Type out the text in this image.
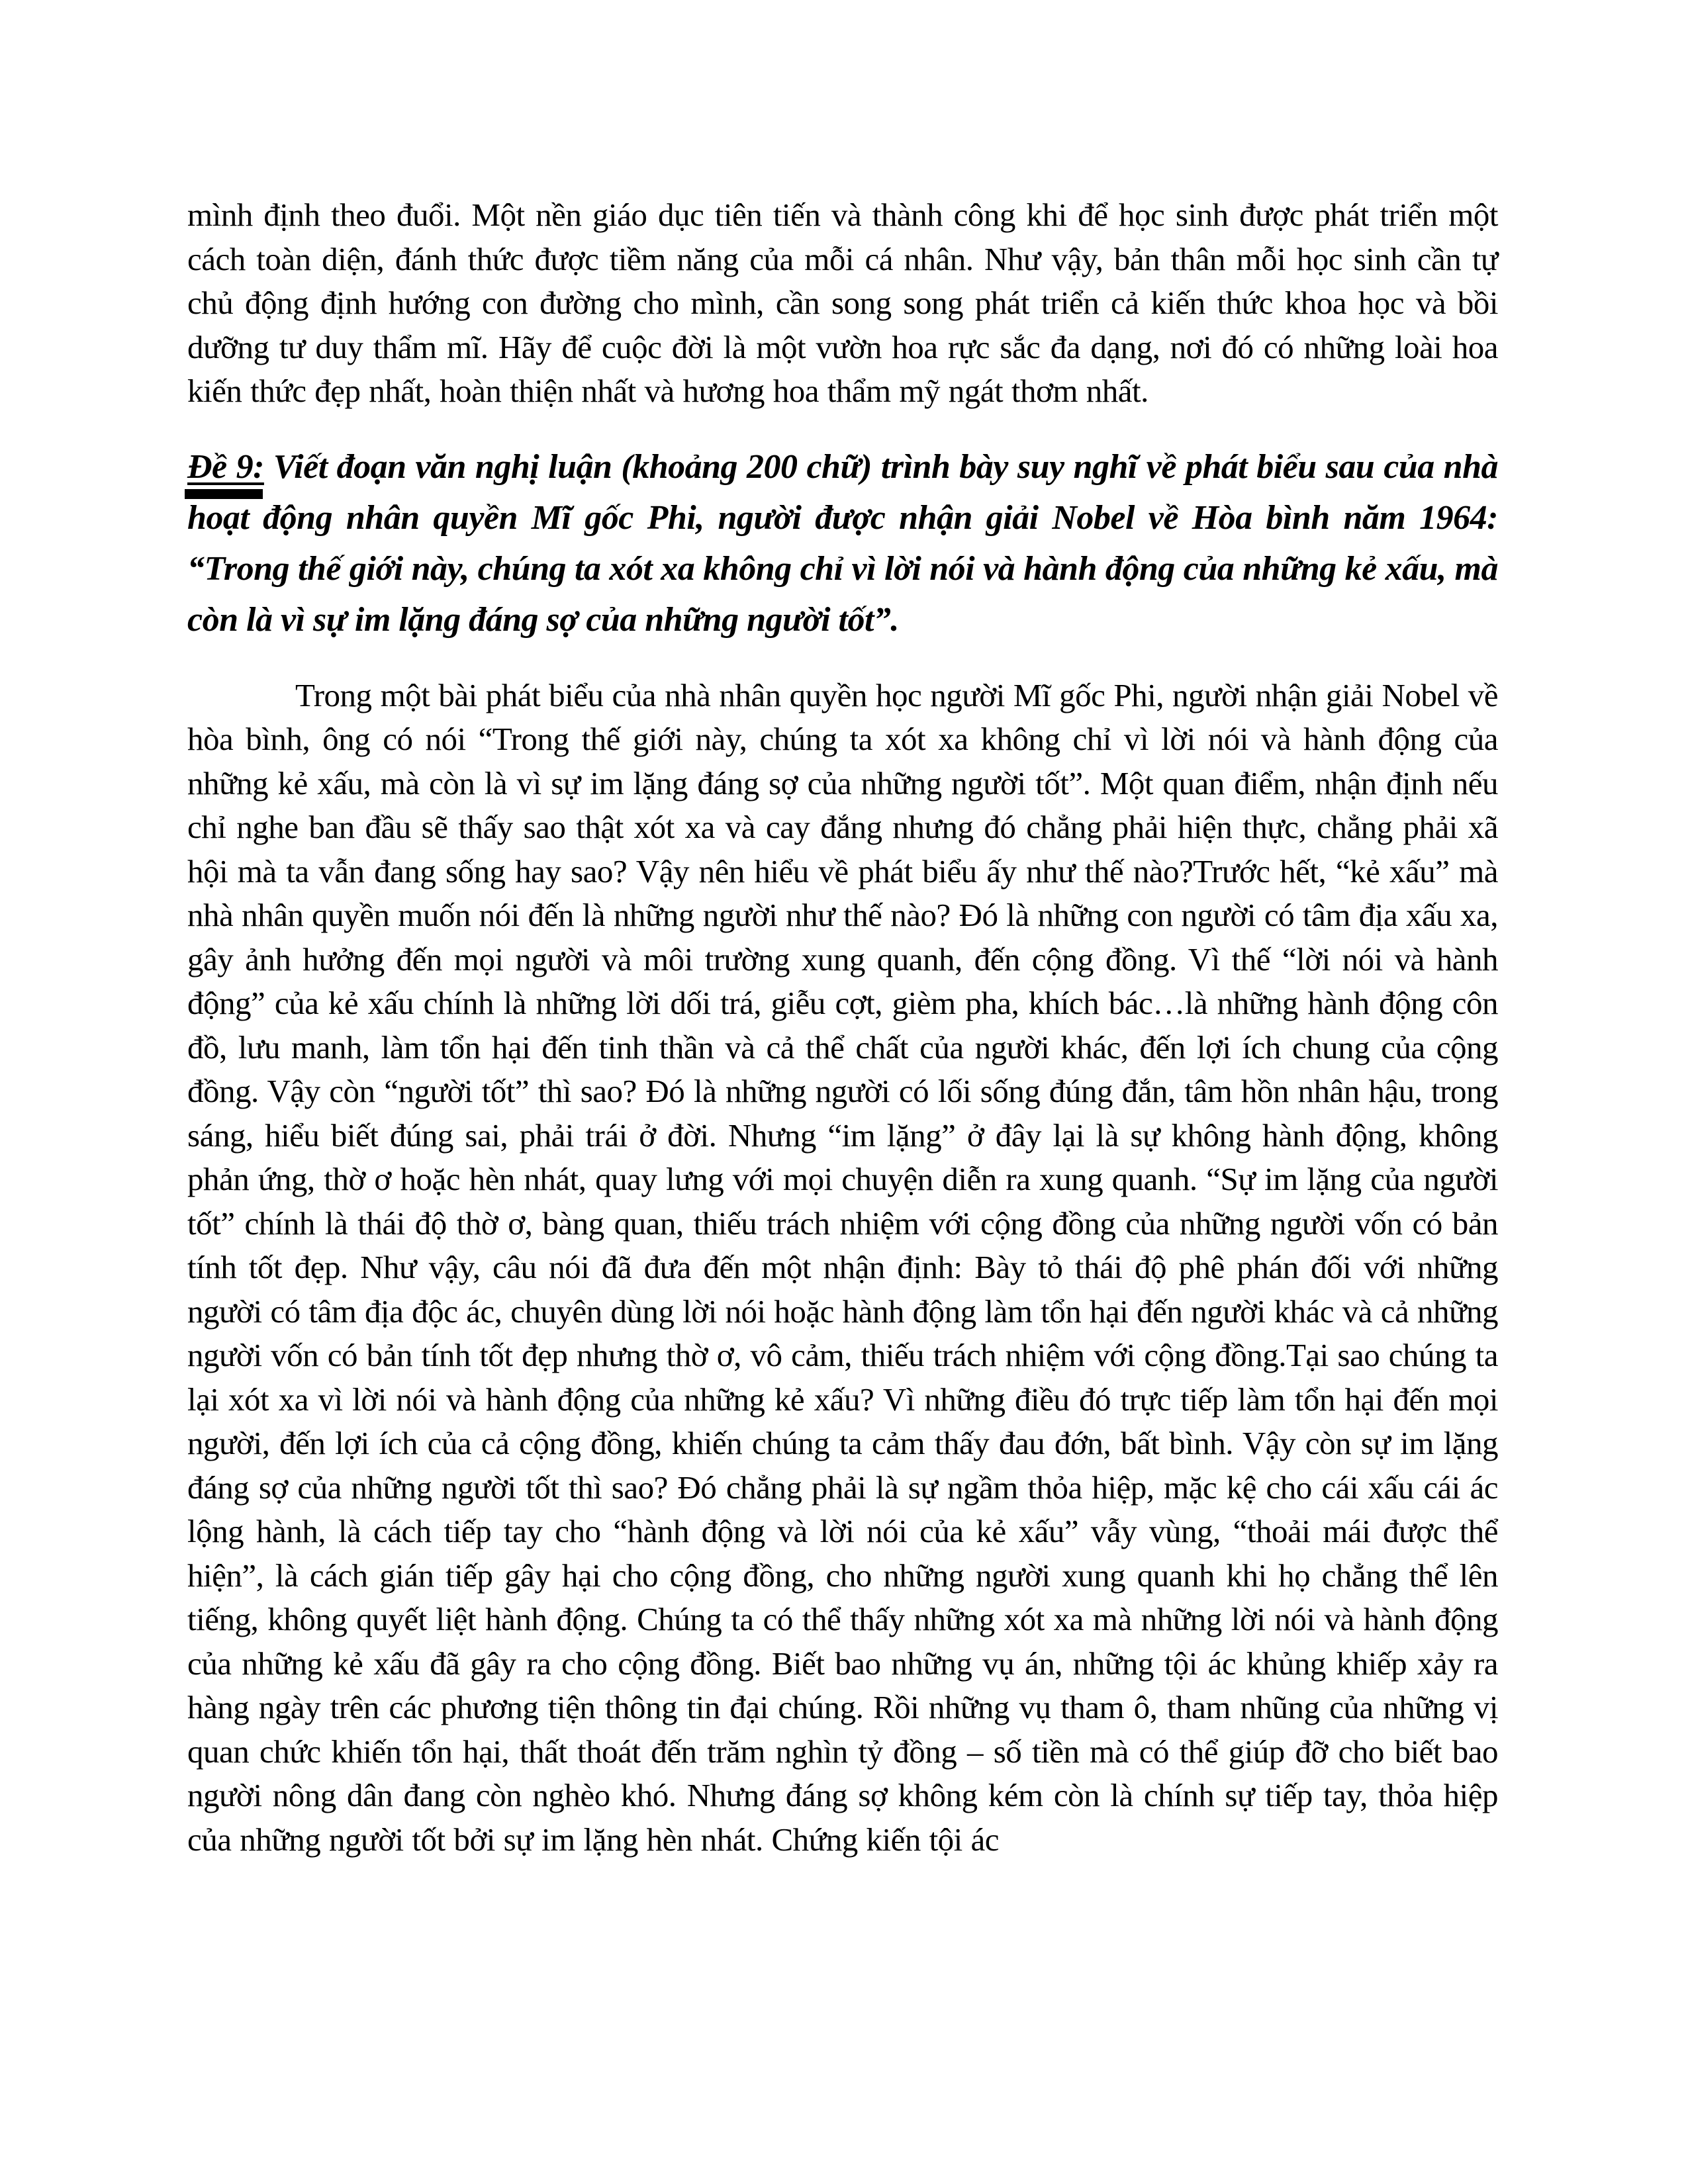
mình định theo đuổi. Một nền giáo dục tiên tiến và thành công khi để học sinh được phát triển một cách toàn diện, đánh thức được tiềm năng của mỗi cá nhân. Như vậy, bản thân mỗi học sinh cần tự chủ động định hướng con đường cho mình, cần song song phát triển cả kiến thức khoa học và bồi dưỡng tư duy thẩm mĩ. Hãy để cuộc đời là một vườn hoa rực sắc đa dạng, nơi đó có những loài hoa kiến thức đẹp nhất, hoàn thiện nhất và hương hoa thẩm mỹ ngát thơm nhất.

Đề 9: Viết đoạn văn nghị luận (khoảng 200 chữ) trình bày suy nghĩ về phát biểu sau của nhà hoạt động nhân quyền Mĩ gốc Phi, người được nhận giải Nobel về Hòa bình năm 1964: “Trong thế giới này, chúng ta xót xa không chỉ vì lời nói và hành động của những kẻ xấu, mà còn là vì sự im lặng đáng sợ của những người tốt”.

Trong một bài phát biểu của nhà nhân quyền học người Mĩ gốc Phi, người nhận giải Nobel về hòa bình, ông có nói “Trong thế giới này, chúng ta xót xa không chỉ vì lời nói và hành động của những kẻ xấu, mà còn là vì sự im lặng đáng sợ của những người tốt”. Một quan điểm, nhận định nếu chỉ nghe ban đầu sẽ thấy sao thật xót xa và cay đắng nhưng đó chẳng phải hiện thực, chẳng phải xã hội mà ta vẫn đang sống hay sao? Vậy nên hiểu về phát biểu ấy như thế nào?Trước hết, “kẻ xấu” mà nhà nhân quyền muốn nói đến là những người như thế nào? Đó là những con người có tâm địa xấu xa, gây ảnh hưởng đến mọi người và môi trường xung quanh, đến cộng đồng. Vì thế “lời nói và hành động” của kẻ xấu chính là những lời dối trá, giễu cợt, gièm pha, khích bác…là những hành động côn đồ, lưu manh, làm tổn hại đến tinh thần và cả thể chất của người khác, đến lợi ích chung của cộng đồng. Vậy còn “người tốt” thì sao? Đó là những người có lối sống đúng đắn, tâm hồn nhân hậu, trong sáng, hiểu biết đúng sai, phải trái ở đời. Nhưng “im lặng” ở đây lại là sự không hành động, không phản ứng, thờ ơ hoặc hèn nhát, quay lưng với mọi chuyện diễn ra xung quanh. “Sự im lặng của người tốt” chính là thái độ thờ ơ, bàng quan, thiếu trách nhiệm với cộng đồng của những người vốn có bản tính tốt đẹp. Như vậy, câu nói đã đưa đến một nhận định: Bày tỏ thái độ phê phán đối với những người có tâm địa độc ác, chuyên dùng lời nói hoặc hành động làm tổn hại đến người khác và cả những người vốn có bản tính tốt đẹp nhưng thờ ơ, vô cảm, thiếu trách nhiệm với cộng đồng.Tại sao chúng ta lại xót xa vì lời nói và hành động của những kẻ xấu? Vì những điều đó trực tiếp làm tổn hại đến mọi người, đến lợi ích của cả cộng đồng, khiến chúng ta cảm thấy đau đớn, bất bình. Vậy còn sự im lặng đáng sợ của những người tốt thì sao? Đó chẳng phải là sự ngầm thỏa hiệp, mặc kệ cho cái xấu cái ác lộng hành, là cách tiếp tay cho “hành động và lời nói của kẻ xấu” vẫy vùng, “thoải mái được thể hiện”, là cách gián tiếp gây hại cho cộng đồng, cho những người xung quanh khi họ chẳng thể lên tiếng, không quyết liệt hành động. Chúng ta có thể thấy những xót xa mà những lời nói và hành động của những kẻ xấu đã gây ra cho cộng đồng. Biết bao những vụ án, những tội ác khủng khiếp xảy ra hàng ngày trên các phương tiện thông tin đại chúng. Rồi những vụ tham ô, tham nhũng của những vị quan chức khiến tổn hại, thất thoát đến trăm nghìn tỷ đồng – số tiền mà có thể giúp đỡ cho biết bao người nông dân đang còn nghèo khó. Nhưng đáng sợ không kém còn là chính sự tiếp tay, thỏa hiệp của những người tốt bởi sự im lặng hèn nhát. Chứng kiến tội ác
